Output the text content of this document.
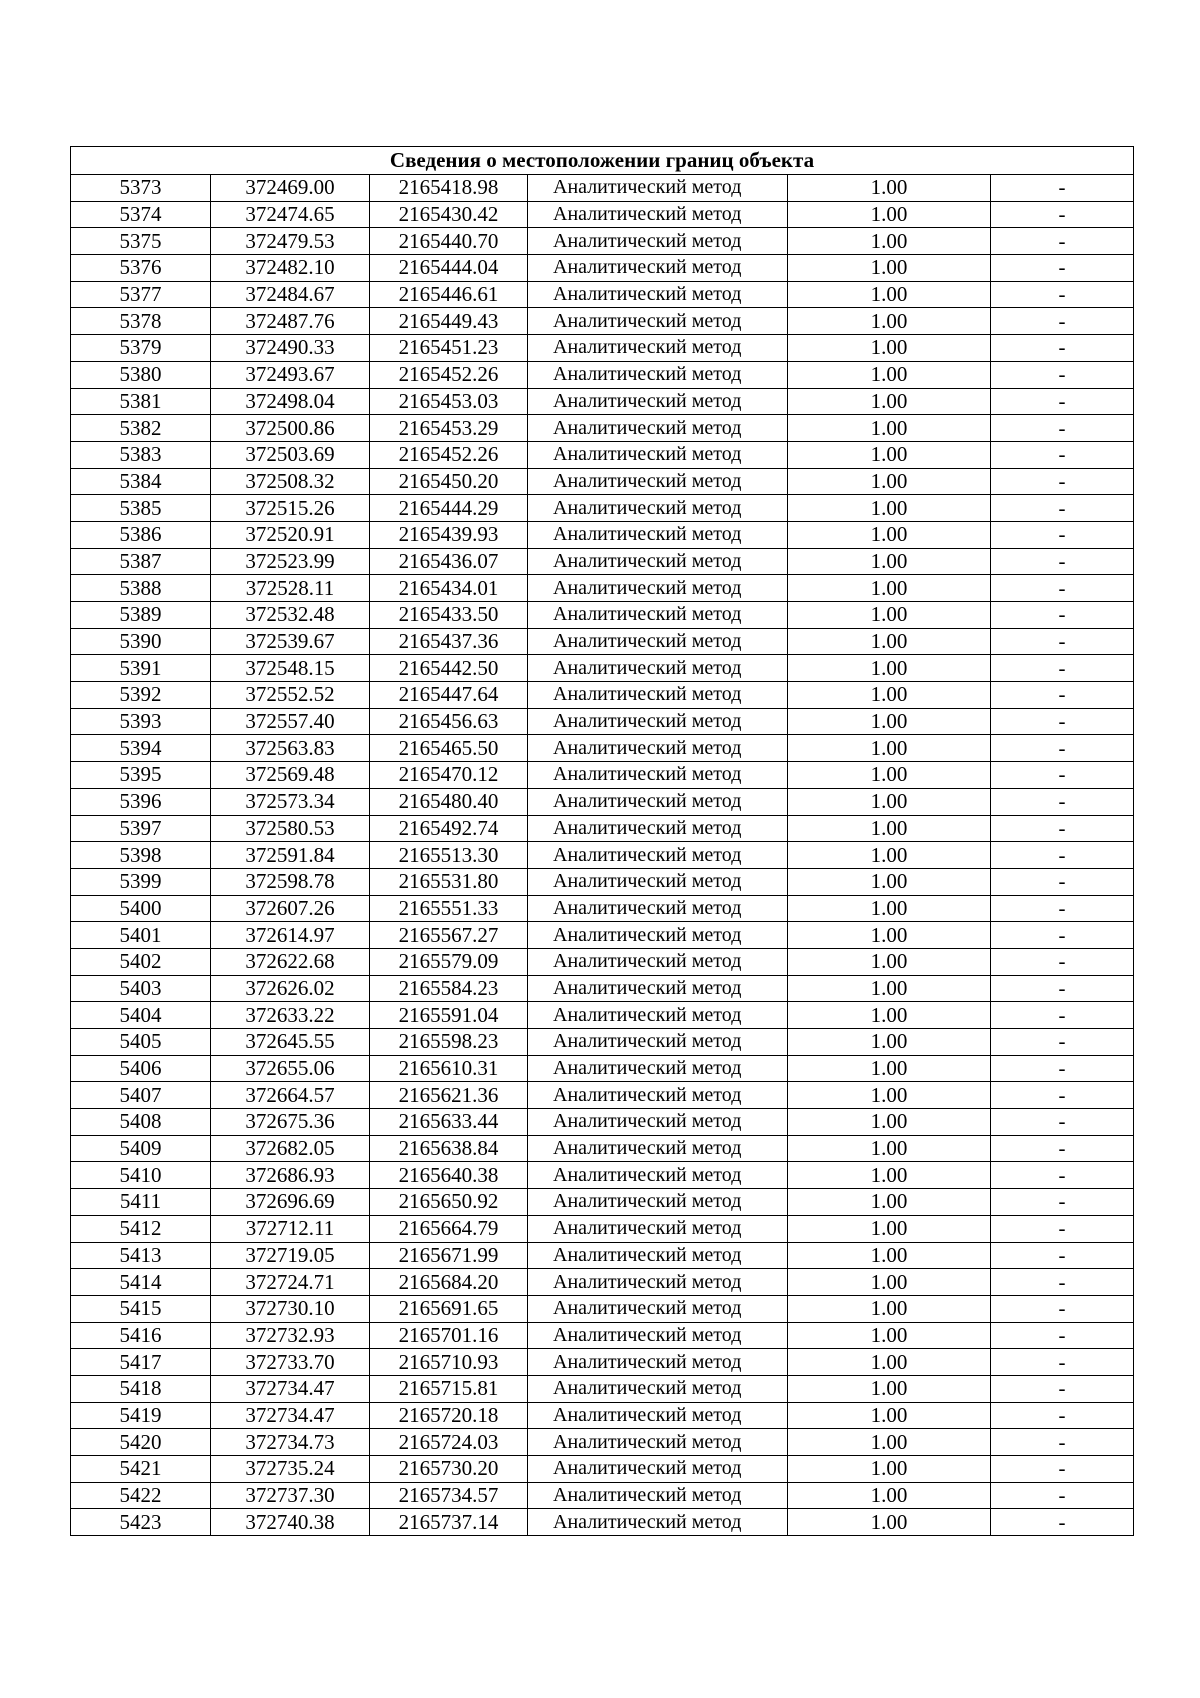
Сведения о местоположении границ объекта					
5373	372469.00	2165418.98	Аналитический метод	1.00	-
5374	372474.65	2165430.42	Аналитический метод	1.00	-
5375	372479.53	2165440.70	Аналитический метод	1.00	-
5376	372482.10	2165444.04	Аналитический метод	1.00	-
5377	372484.67	2165446.61	Аналитический метод	1.00	-
5378	372487.76	2165449.43	Аналитический метод	1.00	-
5379	372490.33	2165451.23	Аналитический метод	1.00	-
5380	372493.67	2165452.26	Аналитический метод	1.00	-
5381	372498.04	2165453.03	Аналитический метод	1.00	-
5382	372500.86	2165453.29	Аналитический метод	1.00	-
5383	372503.69	2165452.26	Аналитический метод	1.00	-
5384	372508.32	2165450.20	Аналитический метод	1.00	-
5385	372515.26	2165444.29	Аналитический метод	1.00	-
5386	372520.91	2165439.93	Аналитический метод	1.00	-
5387	372523.99	2165436.07	Аналитический метод	1.00	-
5388	372528.11	2165434.01	Аналитический метод	1.00	-
5389	372532.48	2165433.50	Аналитический метод	1.00	-
5390	372539.67	2165437.36	Аналитический метод	1.00	-
5391	372548.15	2165442.50	Аналитический метод	1.00	-
5392	372552.52	2165447.64	Аналитический метод	1.00	-
5393	372557.40	2165456.63	Аналитический метод	1.00	-
5394	372563.83	2165465.50	Аналитический метод	1.00	-
5395	372569.48	2165470.12	Аналитический метод	1.00	-
5396	372573.34	2165480.40	Аналитический метод	1.00	-
5397	372580.53	2165492.74	Аналитический метод	1.00	-
5398	372591.84	2165513.30	Аналитический метод	1.00	-
5399	372598.78	2165531.80	Аналитический метод	1.00	-
5400	372607.26	2165551.33	Аналитический метод	1.00	-
5401	372614.97	2165567.27	Аналитический метод	1.00	-
5402	372622.68	2165579.09	Аналитический метод	1.00	-
5403	372626.02	2165584.23	Аналитический метод	1.00	-
5404	372633.22	2165591.04	Аналитический метод	1.00	-
5405	372645.55	2165598.23	Аналитический метод	1.00	-
5406	372655.06	2165610.31	Аналитический метод	1.00	-
5407	372664.57	2165621.36	Аналитический метод	1.00	-
5408	372675.36	2165633.44	Аналитический метод	1.00	-
5409	372682.05	2165638.84	Аналитический метод	1.00	-
5410	372686.93	2165640.38	Аналитический метод	1.00	-
5411	372696.69	2165650.92	Аналитический метод	1.00	-
5412	372712.11	2165664.79	Аналитический метод	1.00	-
5413	372719.05	2165671.99	Аналитический метод	1.00	-
5414	372724.71	2165684.20	Аналитический метод	1.00	-
5415	372730.10	2165691.65	Аналитический метод	1.00	-
5416	372732.93	2165701.16	Аналитический метод	1.00	-
5417	372733.70	2165710.93	Аналитический метод	1.00	-
5418	372734.47	2165715.81	Аналитический метод	1.00	-
5419	372734.47	2165720.18	Аналитический метод	1.00	-
5420	372734.73	2165724.03	Аналитический метод	1.00	-
5421	372735.24	2165730.20	Аналитический метод	1.00	-
5422	372737.30	2165734.57	Аналитический метод	1.00	-
5423	372740.38	2165737.14	Аналитический метод	1.00	-
